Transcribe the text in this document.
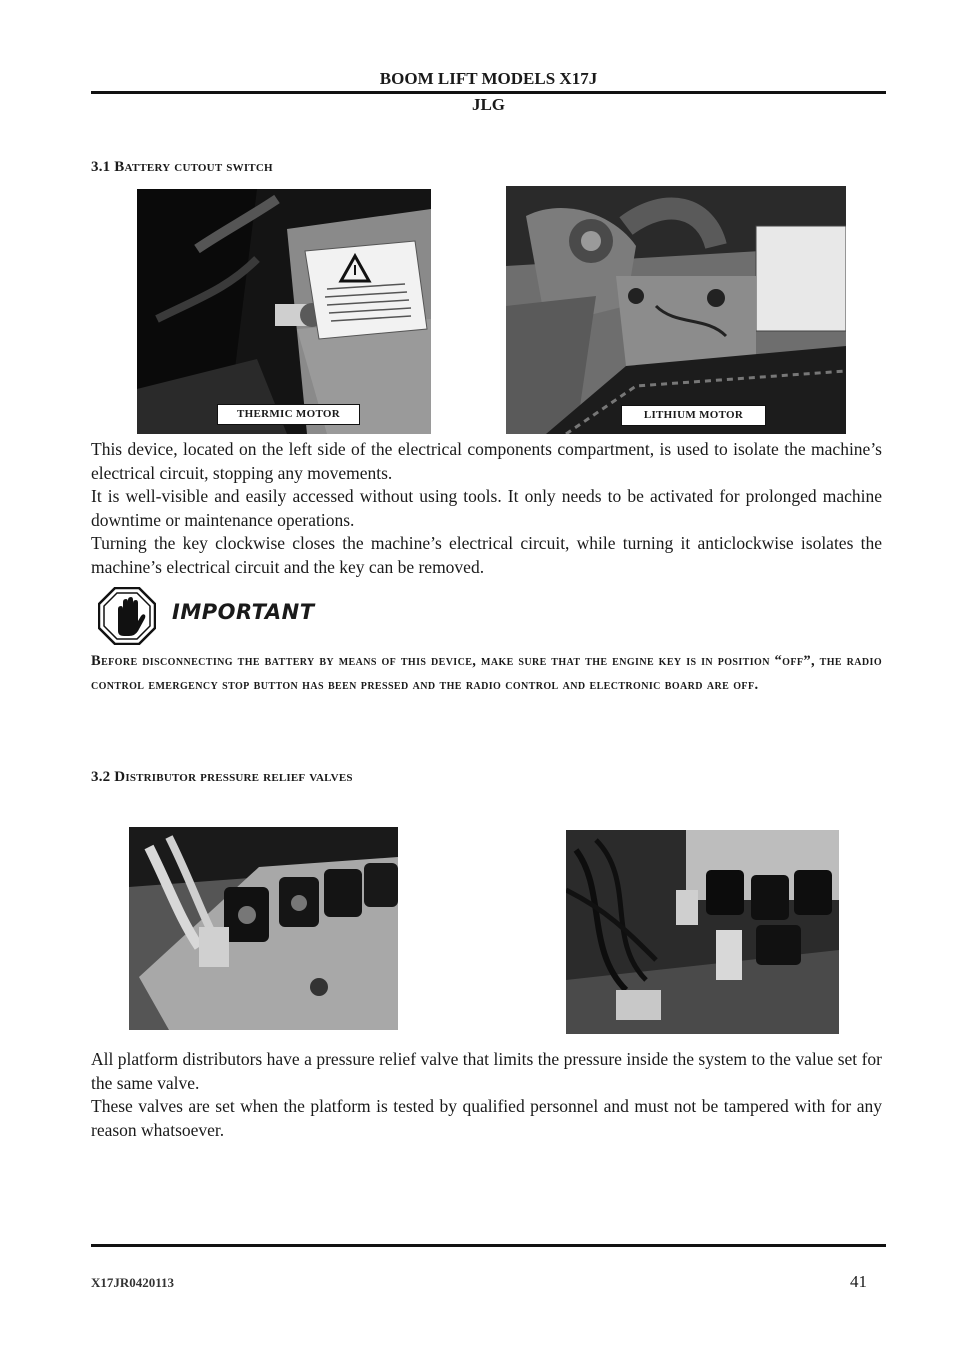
BOOM LIFT MODELS X17J
JLG
3.1 Battery cutout switch
THERMIC MOTOR	LITHIUM MOTOR
This device, located on the left side of the electrical components compartment, is used to isolate the machine’s electrical circuit, stopping any movements.
It is well-visible and easily accessed without using tools. It only needs to be activated for prolonged machine downtime or maintenance operations.
Turning the key clockwise closes the machine’s electrical circuit, while turning it anticlockwise isolates the machine’s electrical circuit and the key can be removed.
IMPORTANT
Before disconnecting the battery by means of this device, make sure that the engine key is in position “off”, the radio control emergency stop button has been pressed and the radio control and electronic board are off.
3.2 Distributor pressure relief valves
All platform distributors have a pressure relief valve that limits the pressure inside the system to the value set for the same valve.
These valves are set when the platform is tested by qualified personnel and must not be tampered with for any reason whatsoever.
X17JR0420113	41
